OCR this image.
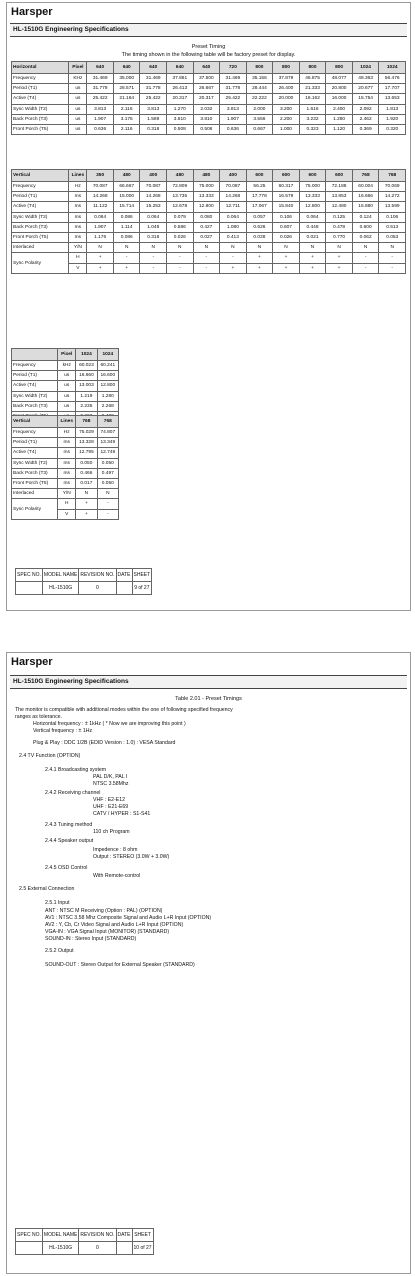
Harsper
HL-1510G Engineering Specifications
Preset Timing
The timing shown in the following table will be factory preset for display.
Horizontal	Pixel	640	640	640	640	640	720	800	800	800	800	1024	1024
Frequency	KHz	31.469	35.000	31.469	37.861	37.500	31.469	35.156	37.879	46.875	48.077	48.363	56.476
Period (T1)	us	31.778	28.571	31.778	26.413	26.667	31.778	28.444	26.400	21.333	20.800	20.677	17.707
Active (T4)	us	25.422	21.164	25.422	20.317	20.317	25.422	22.222	20.000	16.162	16.000	15.754	13.653
Sync Width (T2)	us	3.813	2.116	3.813	1.270	2.032	3.813	2.000	3.200	1.616	2.400	2.092	1.813
Back Porch (T3)	us	1.907	3.175	1.589	3.810	3.810	1.907	3.556	2.200	3.232	1.280	2.462	1.920
Front Porch (T5)	us	0.636	2.116	0.318	0.508	0.508	0.636	0.667	1.000	0.323	1.120	0.369	0.320
Vertical	Lines	350	480	400	480	480	400	600	600	600	600	768	768
Frequency	Hz	70.087	66.667	70.087	72.809	75.000	70.087	56.25	60.317	75.000	72.188	60.004	70.069
Period (T1)	ms	14.268	15.000	14.268	13.735	13.333	14.268	17.778	16.579	13.333	13.853	16.666	14.272
Active (T4)	ms	11.122	15.714	15.253	12.678	12.800	12.711	17.067	15.840	12.800	12.480	15.880	13.599
Sync Width (T2)	ms	0.064	0.086	0.064	0.079	0.080	0.064	0.057	0.106	0.064	0.125	0.124	0.106
Back Porch (T3)	ms	1.907	1.114	1.048	0.586	0.427	1.080	0.626	0.607	0.448	0.478	0.600	0.513
Front Porch (T5)	ms	1.176	0.086	0.318	0.026	0.027	0.413	0.028	0.026	0.021	0.770	0.062	0.053
Interlaced	Y/N	N	N	N	N	N	N	N	N	N	N	N	N
Sync Polarity	H	+	-	-	-	-	-	+	+	+	+	-	-
	V	+	+	-	-	-	+	+	+	+	+	-	-
	Pixel	1024	1024
Frequency	kHz	60.023	60.241
Period (T1)	us	16.660	16.600
Active (T4)	us	13.003	12.800
Sync Width (T2)	us	1.219	1.280
Back Porch (T3)	us	2.235	2.268

Vertical	Lines	768	768
Frequency	Hz	75.029	74.807
Period (T1)	ms	13.328	13.349
Active (T4)	ms	12.795	12.749
Sync Width (T2)	ms	0.050	0.050
Back Porch (T3)	ms	0.466	0.497
Front Porch (T5)	ms	0.017	0.050
Interlaced	Y/N	N	N
Sync Polarity	H	+	-
	V	+	-
SPEC NO.	MODEL NAME	REVISION NO.	DATE	SHEET
	HL-1510G	0		9 of 27
Harsper
HL-1510G Engineering Specifications
Table 2.01 - Preset Timings
The monitor is compatible with additional modes within the one of following specified frequency
ranges as tolerance.
Horizontal frequency : ± 1kHz ( * Now we are improving this point )
Vertical frequency : ± 1Hz
Plug & Play : DDC 1/2B (EDID Version : 1.0) : VESA Standard
2.4 TV Function (OPTION)
2.4.1 Broadcasting system
PAL D/K, PAL I
NTSC 3.58Mhz
2.4.2 Receiving channel
VHF : E2-E12
UHF : E21-E69
CATV / HYPER : S1-S41
2.4.3 Tuning method
110 ch Program
2.4.4 Speaker output
Impedence : 8 ohm
Output : STEREO (3.0W + 3.0W)
2.4.5 OSD Control
With Remote-control
2.5 External Connection
2.5.1 Input
ANT : NTSC M Receiving (Option : PAL) (OPTION)
AV1 : NTSC 3.58 Mhz Composite Signal and Audio L+R Input (OPTION)
AV2 : Y, Cb, Cr Video Signal and Audio L+R Input (OPTION)
VGA-IN : VGA Signal Input (MONITOR) (STANDARD)
SOUND-IN : Stereo Input (STANDARD)
2.5.2 Output
SOUND-OUT : Stereo Output for External Speaker (STANDARD)
SPEC NO.	MODEL NAME	REVISION NO.	DATE	SHEET
	HL-1510G	0		10 of 27
